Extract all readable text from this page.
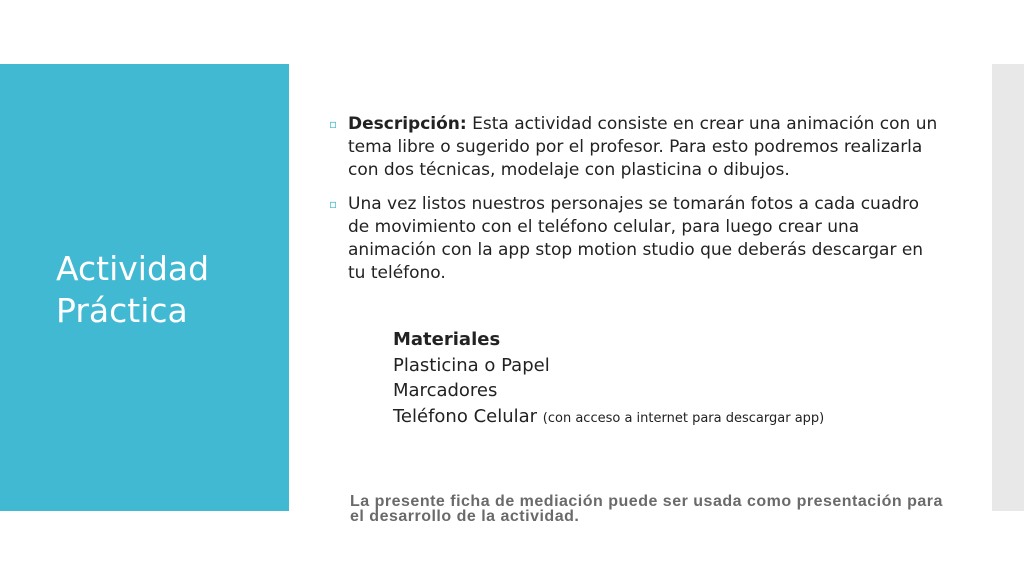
Actividad
Práctica
▫ Descripción: Esta actividad consiste en crear una animación con un tema libre o sugerido por el profesor. Para esto podremos realizarla con dos técnicas, modelaje con plasticina o dibujos.
▫ Una vez listos nuestros personajes se tomarán fotos a cada cuadro de movimiento con el teléfono celular, para luego crear una animación con la app stop motion studio que deberás descargar en tu teléfono.
Materiales
Plasticina o Papel
Marcadores
Teléfono Celular (con acceso a internet para descargar app)
La presente ficha de mediación puede ser usada como presentación para el desarrollo de la actividad.
